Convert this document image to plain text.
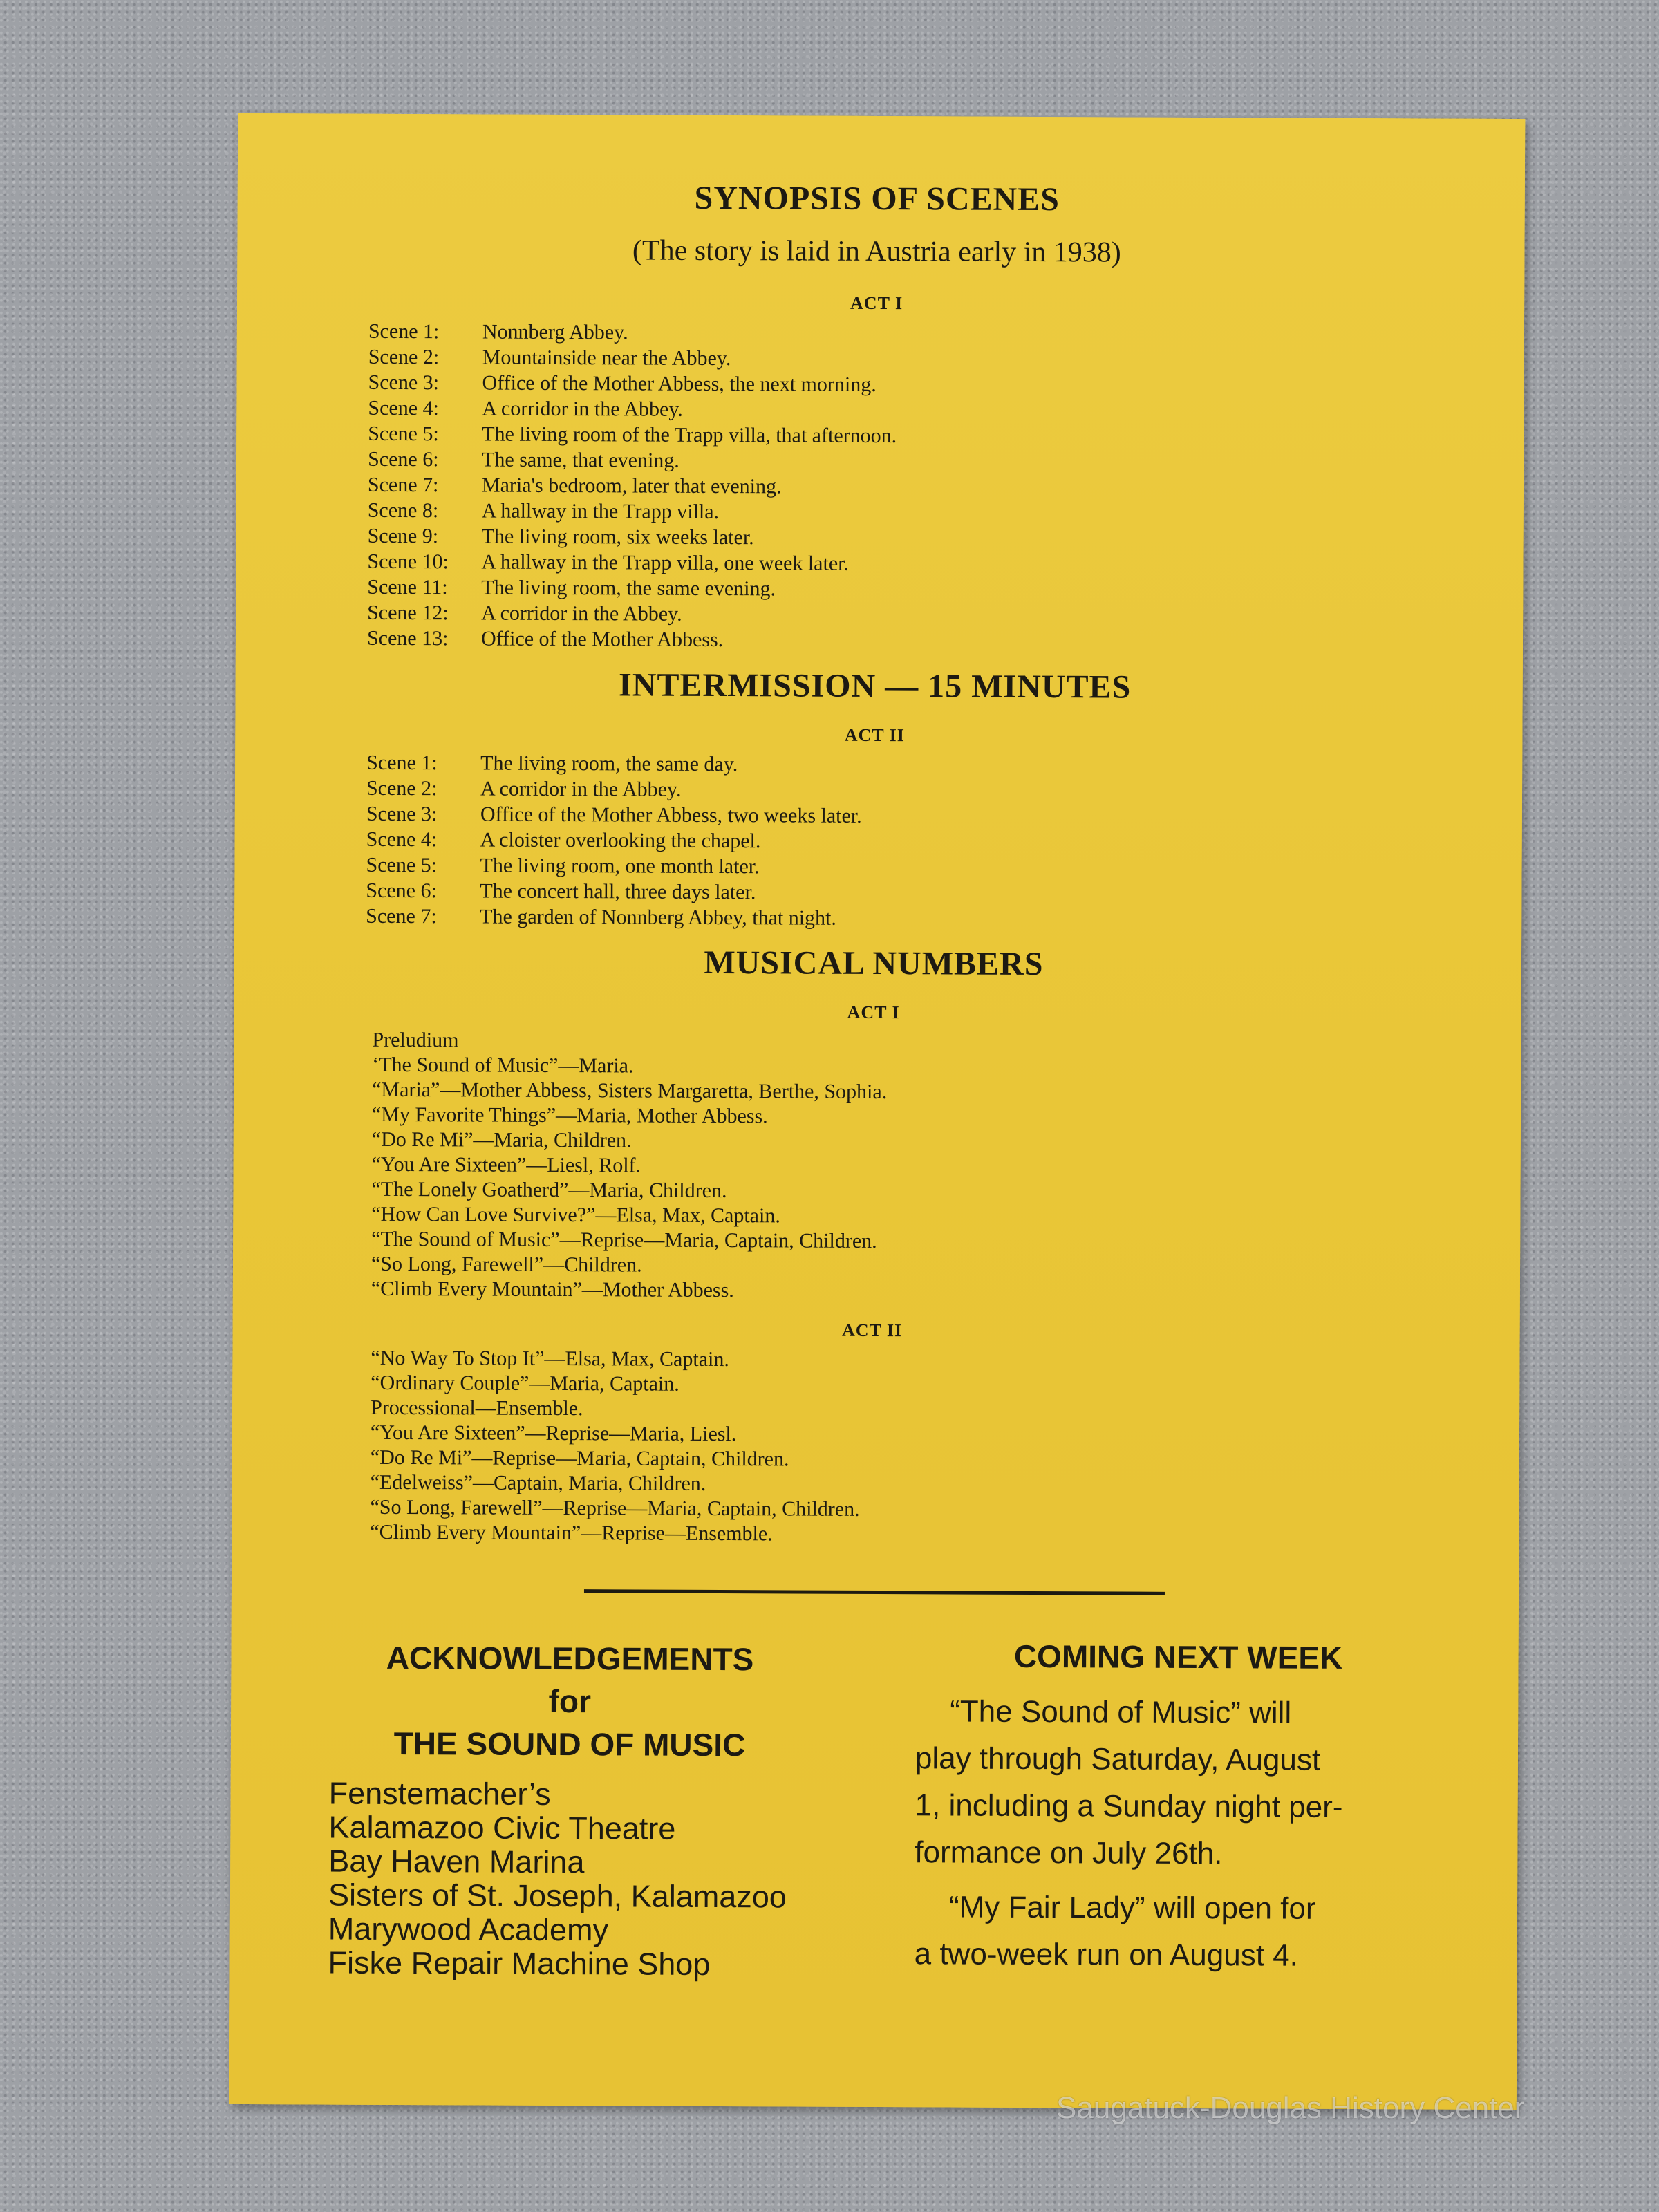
SYNOPSIS OF SCENES
(The story is laid in Austria early in 1938)
ACT I
Scene 1:	Nonnberg Abbey.
Scene 2:	Mountainside near the Abbey.
Scene 3:	Office of the Mother Abbess, the next morning.
Scene 4:	A corridor in the Abbey.
Scene 5:	The living room of the Trapp villa, that afternoon.
Scene 6:	The same, that evening.
Scene 7:	Maria's bedroom, later that evening.
Scene 8:	A hallway in the Trapp villa.
Scene 9:	The living room, six weeks later.
Scene 10:	A hallway in the Trapp villa, one week later.
Scene 11:	The living room, the same evening.
Scene 12:	A corridor in the Abbey.
Scene 13:	Office of the Mother Abbess.
INTERMISSION — 15 MINUTES
ACT II
Scene 1:	The living room, the same day.
Scene 2:	A corridor in the Abbey.
Scene 3:	Office of the Mother Abbess, two weeks later.
Scene 4:	A cloister overlooking the chapel.
Scene 5:	The living room, one month later.
Scene 6:	The concert hall, three days later.
Scene 7:	The garden of Nonnberg Abbey, that night.
MUSICAL NUMBERS
ACT I
Preludium
‘The Sound of Music”—Maria.
“Maria”—Mother Abbess, Sisters Margaretta, Berthe, Sophia.
“My Favorite Things”—Maria, Mother Abbess.
“Do Re Mi”—Maria, Children.
“You Are Sixteen”—Liesl, Rolf.
“The Lonely Goatherd”—Maria, Children.
“How Can Love Survive?”—Elsa, Max, Captain.
“The Sound of Music”—Reprise—Maria, Captain, Children.
“So Long, Farewell”—Children.
“Climb Every Mountain”—Mother Abbess.
ACT II
“No Way To Stop It”—Elsa, Max, Captain.
“Ordinary Couple”—Maria, Captain.
Processional—Ensemble.
“You Are Sixteen”—Reprise—Maria, Liesl.
“Do Re Mi”—Reprise—Maria, Captain, Children.
“Edelweiss”—Captain, Maria, Children.
“So Long, Farewell”—Reprise—Maria, Captain, Children.
“Climb Every Mountain”—Reprise—Ensemble.
ACKNOWLEDGEMENTS
for
THE SOUND OF MUSIC
Fenstemacher’s
Kalamazoo Civic Theatre
Bay Haven Marina
Sisters of St. Joseph, Kalamazoo
Marywood Academy
Fiske Repair Machine Shop
COMING NEXT WEEK
“The Sound of Music” will
play through Saturday, August
1, including a Sunday night per-
formance on July 26th.
“My Fair Lady” will open for
a two-week run on August 4.
Saugatuck-Douglas History Center
